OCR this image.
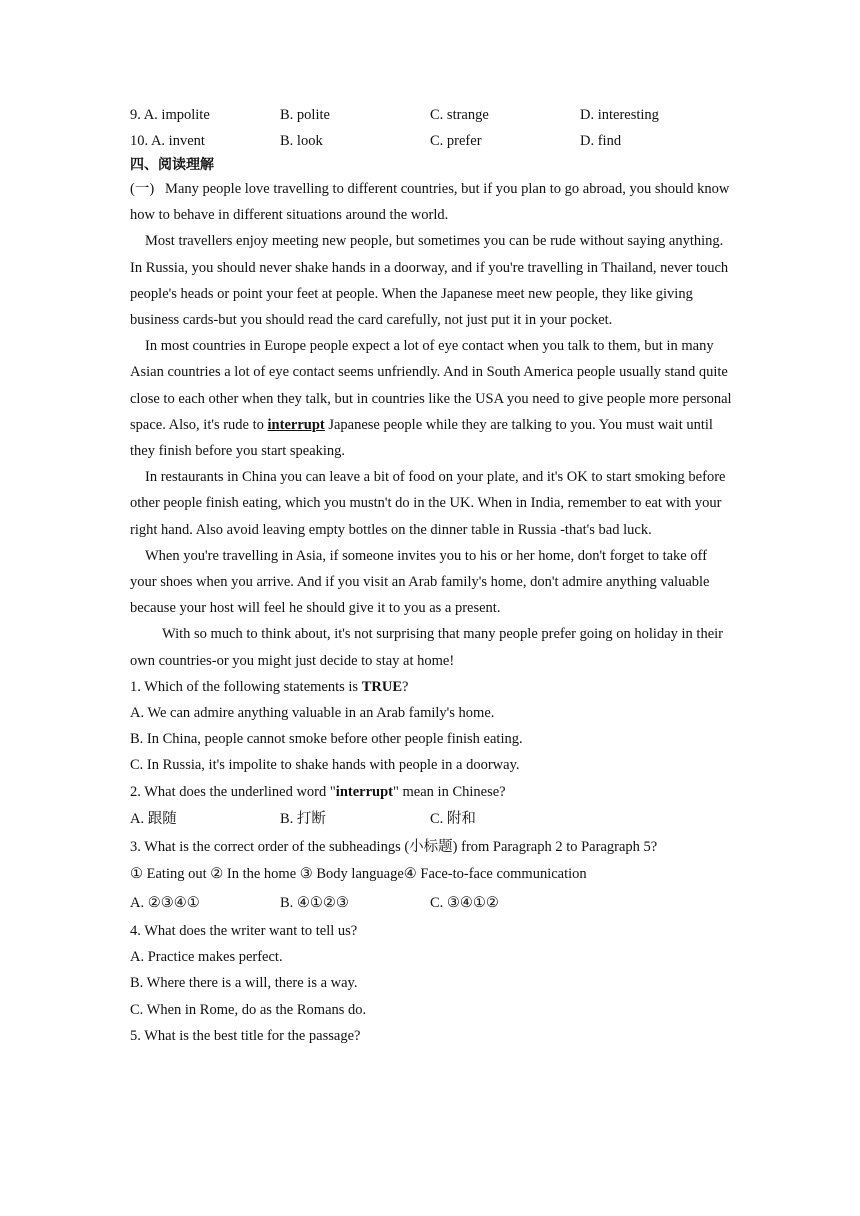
9. A. impolite	B. polite	C. strange	D. interesting
10. A. invent	B. look	C. prefer	D. find
四、阅读理解

(一) Many people love travelling to different countries, but if you plan to go abroad, you should know how to behave in different situations around the world.

Most travellers enjoy meeting new people, but sometimes you can be rude without saying anything. In Russia, you should never shake hands in a doorway, and if you're travelling in Thailand, never touch people's heads or point your feet at people. When the Japanese meet new people, they like giving business cards-but you should read the card carefully, not just put it in your pocket.

In most countries in Europe people expect a lot of eye contact when you talk to them, but in many Asian countries a lot of eye contact seems unfriendly. And in South America people usually stand quite close to each other when they talk, but in countries like the USA you need to give people more personal space. Also, it's rude to interrupt Japanese people while they are talking to you. You must wait until they finish before you start speaking.

In restaurants in China you can leave a bit of food on your plate, and it's OK to start smoking before other people finish eating, which you mustn't do in the UK. When in India, remember to eat with your right hand. Also avoid leaving empty bottles on the dinner table in Russia -that's bad luck.

When you're travelling in Asia, if someone invites you to his or her home, don't forget to take off your shoes when you arrive. And if you visit an Arab family's home, don't admire anything valuable because your host will feel he should give it to you as a present.

With so much to think about, it's not surprising that many people prefer going on holiday in their own countries-or you might just decide to stay at home!

1. Which of the following statements is TRUE?
A. We can admire anything valuable in an Arab family's home.
B. In China, people cannot smoke before other people finish eating.
C. In Russia, it's impolite to shake hands with people in a doorway.
2. What does the underlined word "interrupt" mean in Chinese?
A. 跟随	B. 打断	C. 附和
3. What is the correct order of the subheadings (小标题) from Paragraph 2 to Paragraph 5?
① Eating out ② In the home ③ Body language④ Face-to-face communication
A. ②③④①	B. ④①②③	C. ③④①②
4. What does the writer want to tell us?
A. Practice makes perfect.
B. Where there is a will, there is a way.
C. When in Rome, do as the Romans do.
5. What is the best title for the passage?
